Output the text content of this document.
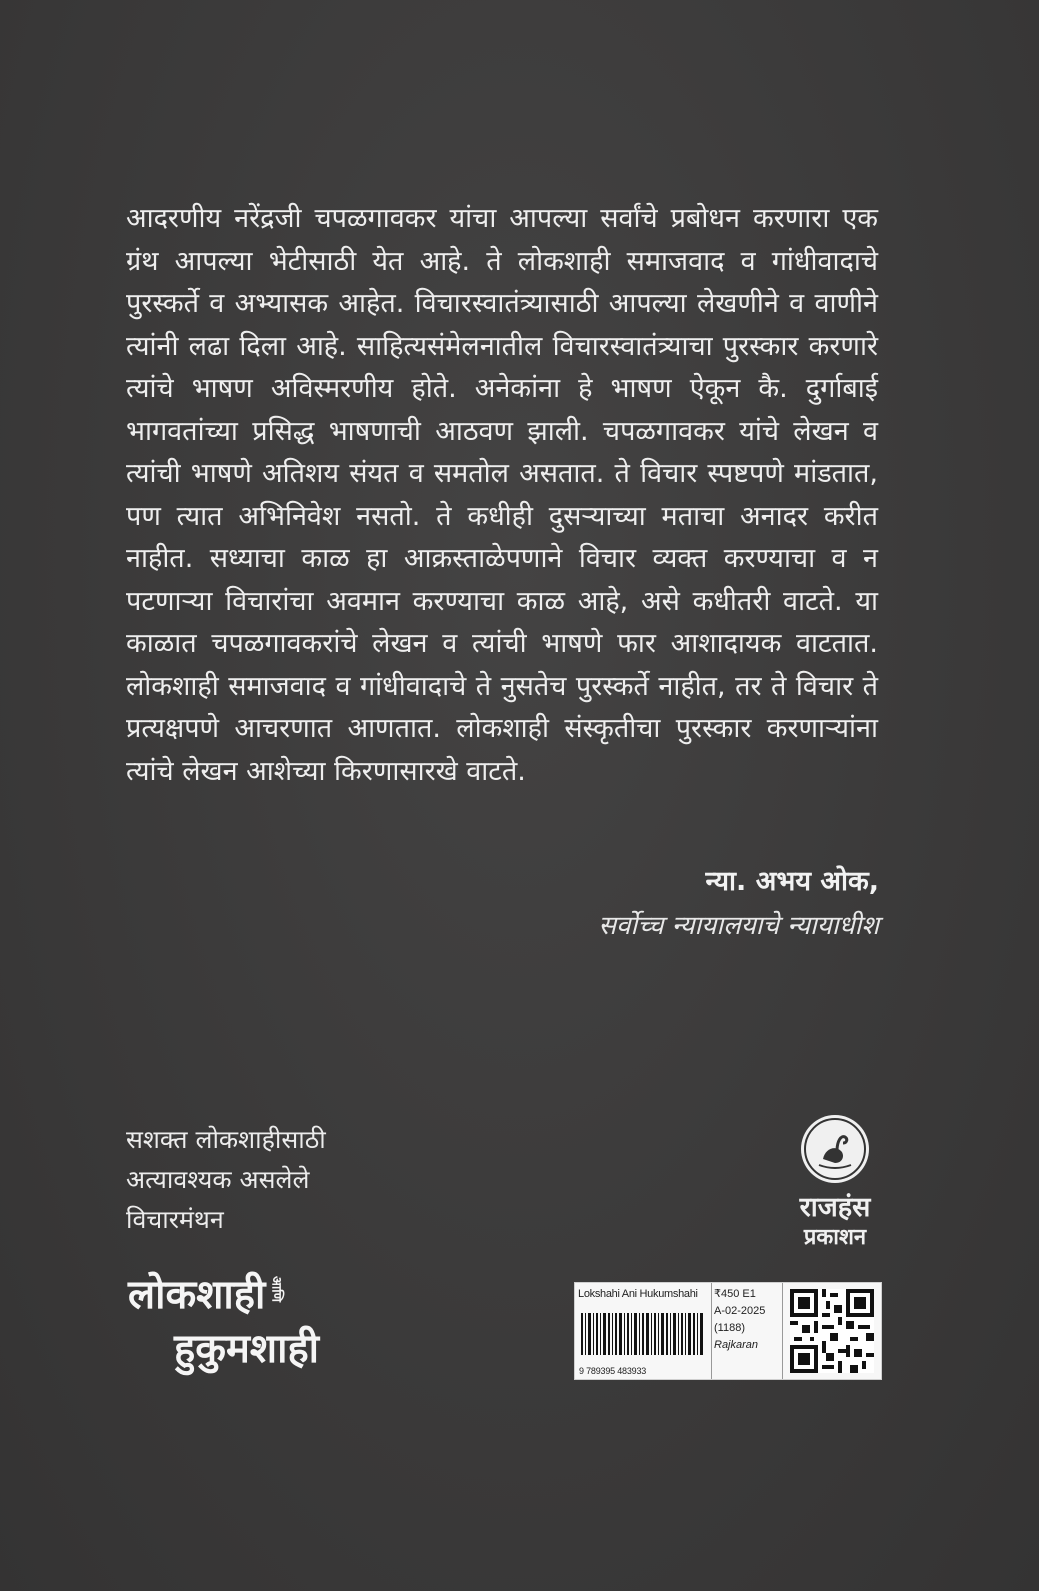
आदरणीय नरेंद्रजी चपळगावकर यांचा आपल्या सर्वांचे प्रबोधन करणारा एक ग्रंथ आपल्या भेटीसाठी येत आहे. ते लोकशाही समाजवाद व गांधीवादाचे पुरस्कर्ते व अभ्यासक आहेत. विचारस्वातंत्र्यासाठी आपल्या लेखणीने व वाणीने त्यांनी लढा दिला आहे. साहित्यसंमेलनातील विचारस्वातंत्र्याचा पुरस्कार करणारे त्यांचे भाषण अविस्मरणीय होते. अनेकांना हे भाषण ऐकून कै. दुर्गाबाई भागवतांच्या प्रसिद्ध भाषणाची आठवण झाली. चपळगावकर यांचे लेखन व त्यांची भाषणे अतिशय संयत व समतोल असतात. ते विचार स्पष्टपणे मांडतात, पण त्यात अभिनिवेश नसतो. ते कधीही दुसऱ्याच्या मताचा अनादर करीत नाहीत. सध्याचा काळ हा आक्रस्ताळेपणाने विचार व्यक्त करण्याचा व न पटणाऱ्या विचारांचा अवमान करण्याचा काळ आहे, असे कधीतरी वाटते. या काळात चपळगावकरांचे लेखन व त्यांची भाषणे फार आशादायक वाटतात. लोकशाही समाजवाद व गांधीवादाचे ते नुसतेच पुरस्कर्ते नाहीत, तर ते विचार ते प्रत्यक्षपणे आचरणात आणतात. लोकशाही संस्कृतीचा पुरस्कार करणाऱ्यांना त्यांचे लेखन आशेच्या किरणासारखे वाटते.

न्या. अभय ओक,
सर्वोच्च न्यायालयाचे न्यायाधीश
सशक्त लोकशाहीसाठी
अत्यावश्यक असलेले
विचारमंथन
लोकशाही आणि
हुकुमशाही
राजहंस
प्रकाशन
Lokshahi Ani Hukumshahi
9 789395 483933
₹450 E1
A-02-2025
(1188)
Rajkaran
